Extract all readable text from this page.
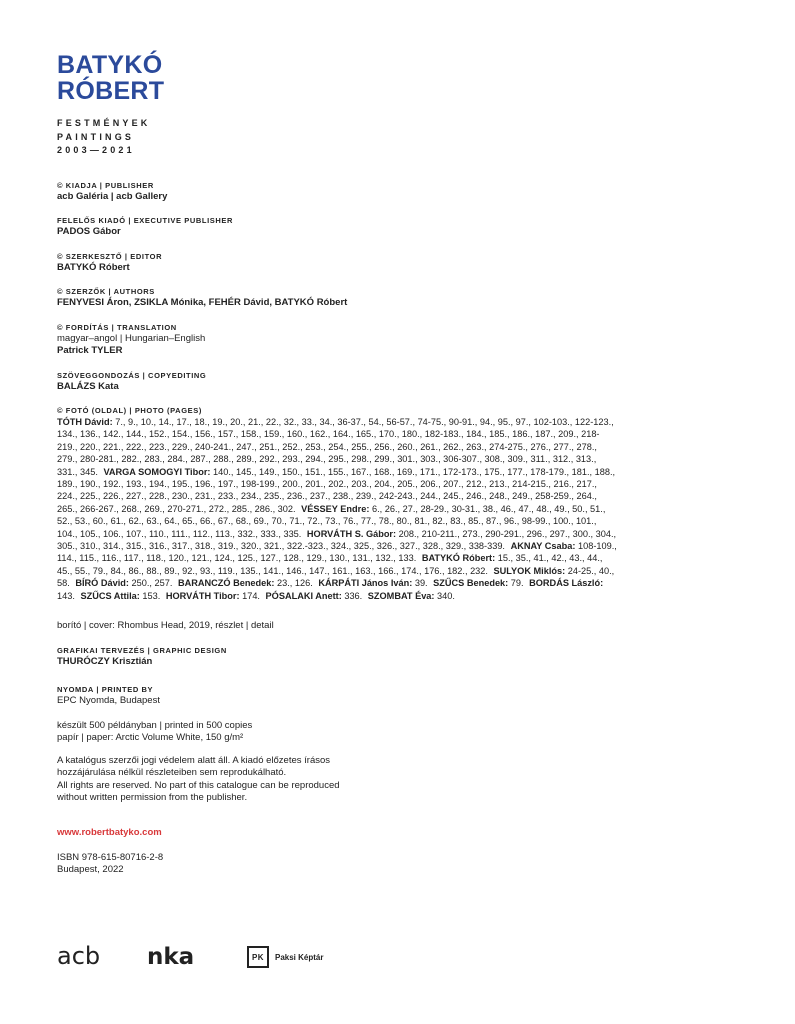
BATYKÓ
RÓBERT
FESTMÉNYEK
PAINTINGS
2003—2021
© KIADJA | PUBLISHER
acb Galéria | acb Gallery
FELELŐS KIADÓ | EXECUTIVE PUBLISHER
PADOS Gábor
© SZERKESZTŐ | EDITOR
BATYKÓ Róbert
© SZERZŐK | AUTHORS
FENYVESI Áron, ZSIKLA Mónika, FEHÉR Dávid, BATYKÓ Róbert
© FORDÍTÁS | TRANSLATION
magyar–angol | Hungarian–English
Patrick TYLER
SZÖVEGGONDOZÁS | COPYEDITING
BALÁZS Kata
© FOTÓ (OLDAL) | PHOTO (PAGES)
TÓTH Dávid: 7., 9., 10., 14., 17., 18., 19., 20., 21., 22., 32., 33., 34., 36-37., 54., 56-57., 74-75., 90-91., 94., 95., 97., 102-103., 122-123., 134., 136., 142., 144., 152., 154., 156., 157., 158., 159., 160., 162., 164., 165., 170., 180., 182-183., 184., 185., 186., 187., 209., 218-219., 220., 221., 222., 223., 229., 240-241., 247., 251., 252., 253., 254., 255., 256., 260., 261., 262., 263., 274-275., 276., 277., 278., 279., 280-281., 282., 283., 284., 287., 288., 289., 292., 293., 294., 295., 298., 299., 301., 303., 306-307., 308., 309., 311., 312., 313., 331., 345. VARGA SOMOGYI Tibor: 140., 145., 149., 150., 151., 155., 167., 168., 169., 171., 172-173., 175., 177., 178-179., 181., 188., 189., 190., 192., 193., 194., 195., 196., 197., 198-199., 200., 201., 202., 203., 204., 205., 206., 207., 212., 213., 214-215., 216., 217., 224., 225., 226., 227., 228., 230., 231., 233., 234., 235., 236., 237., 238., 239., 242-243., 244., 245., 246., 248., 249., 258-259., 264., 265., 266-267., 268., 269., 270-271., 272., 285., 286., 302. VÉSSEY Endre: 6., 26., 27., 28-29., 30-31., 38., 46., 47., 48., 49., 50., 51., 52., 53., 60., 61., 62., 63., 64., 65., 66., 67., 68., 69., 70., 71., 72., 73., 76., 77., 78., 80., 81., 82., 83., 85., 87., 96., 98-99., 100., 101., 104., 105., 106., 107., 110., 111., 112., 113., 332., 333., 335. HORVÁTH S. Gábor: 208., 210-211., 273., 290-291., 296., 297., 300., 304., 305., 310., 314., 315., 316., 317., 318., 319., 320., 321., 322.-323., 324., 325., 326., 327., 328., 329., 338-339. AKNAY Csaba: 108-109., 114., 115., 116., 117., 118., 120., 121., 124., 125., 127., 128., 129., 130., 131., 132., 133. BATYKÓ Róbert: 15., 35., 41., 42., 43., 44., 45., 55., 79., 84., 86., 88., 89., 92., 93., 119., 135., 141., 146., 147., 161., 163., 166., 174., 176., 182., 232. SULYOK Miklós: 24-25., 40., 58. BÍRÓ Dávid: 250., 257. BARANCZÓ Benedek: 23., 126. KÁRPÁTI János Iván: 39. SZŰCS Benedek: 79. BORDÁS László: 143. SZŰCS Attila: 153. HORVÁTH Tibor: 174. PÓSALAKI Anett: 336. SZOMBAT Éva: 340.
borító | cover: Rhombus Head, 2019, részlet | detail
GRAFIKAI TERVEZÉS | GRAPHIC DESIGN
THURÓCZY Krisztián
NYOMDA | PRINTED BY
EPC Nyomda, Budapest
készült 500 példányban | printed in 500 copies
papír | paper: Arctic Volume White, 150 g/m²
A katalógus szerzői jogi védelem alatt áll. A kiadó előzetes írásos
hozzájárulása nélkül részleteiben sem reprodukálható.
All rights are reserved. No part of this catalogue can be reproduced
without written permission from the publisher.
www.robertbatyko.com
ISBN 978-615-80716-2-8
Budapest, 2022
acb nka	PK	Paksi Képtár
